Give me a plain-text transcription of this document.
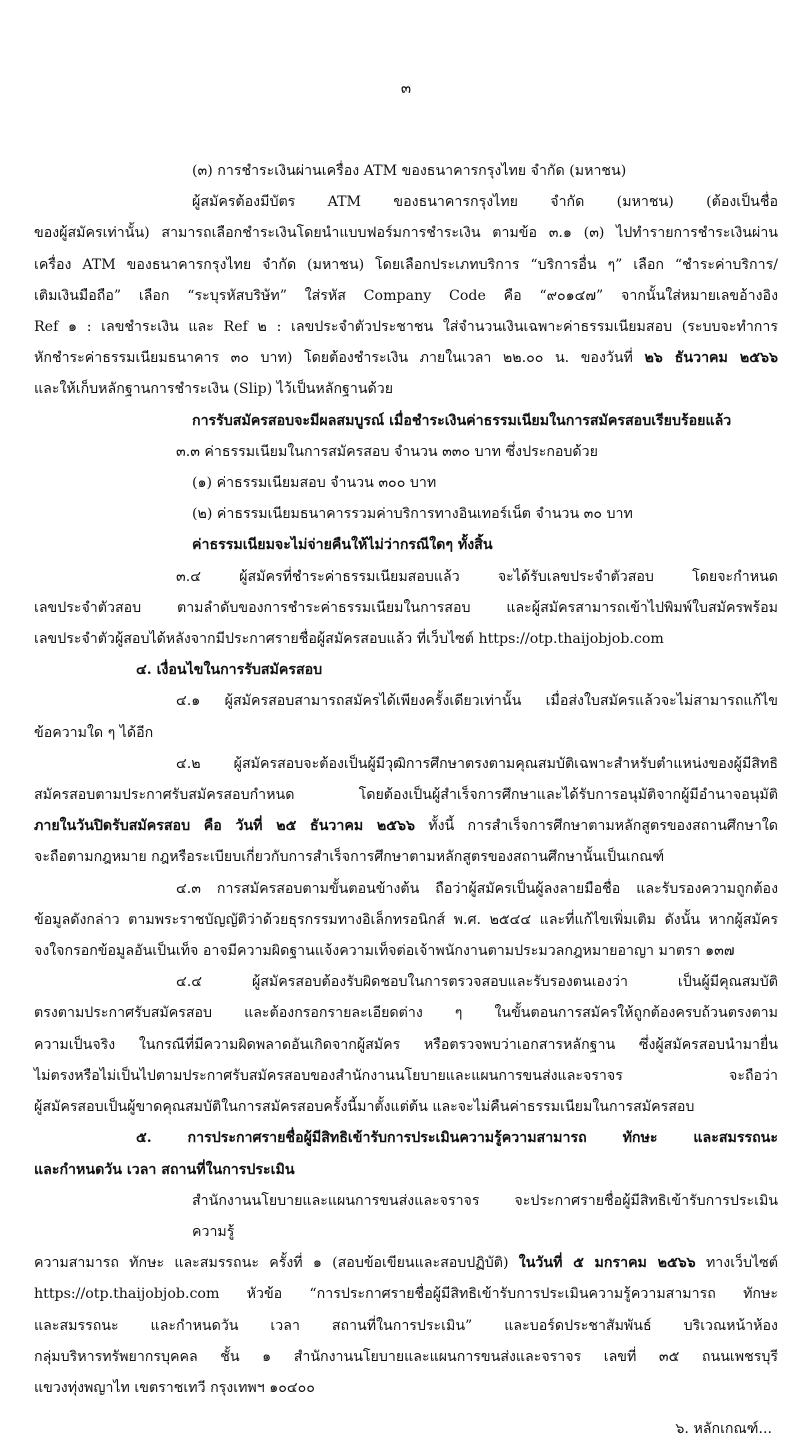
๓

(๓) การชำระเงินผ่านเครื่อง ATM ของธนาคารกรุงไทย จำกัด (มหาชน)

ผู้สมัครต้องมีบัตร ATM ของธนาคารกรุงไทย จำกัด (มหาชน) (ต้องเป็นชื่อ

ของผู้สมัครเท่านั้น) สามารถเลือกชำระเงินโดยนำแบบฟอร์มการชำระเงิน ตามข้อ ๓.๑ (๓) ไปทำรายการชำระเงินผ่าน

เครื่อง ATM ของธนาคารกรุงไทย จำกัด (มหาชน) โดยเลือกประเภทบริการ “บริการอื่น ๆ” เลือก “ชำระค่าบริการ/

เติมเงินมือถือ” เลือก “ระบุรหัสบริษัท” ใส่รหัส Company Code คือ “๙๐๑๔๗” จากนั้นใส่หมายเลขอ้างอิง

Ref ๑ : เลขชำระเงิน และ Ref ๒ : เลขประจำตัวประชาชน ใส่จำนวนเงินเฉพาะค่าธรรมเนียมสอบ (ระบบจะทำการ

หักชำระค่าธรรมเนียมธนาคาร ๓๐ บาท) โดยต้องชำระเงิน ภายในเวลา ๒๒.๐๐ น. ของวันที่ ๒๖ ธันวาคม ๒๕๖๖

และให้เก็บหลักฐานการชำระเงิน (Slip) ไว้เป็นหลักฐานด้วย

การรับสมัครสอบจะมีผลสมบูรณ์ เมื่อชำระเงินค่าธรรมเนียมในการสมัครสอบเรียบร้อยแล้ว

๓.๓ ค่าธรรมเนียมในการสมัครสอบ จำนวน ๓๓๐ บาท ซึ่งประกอบด้วย

(๑) ค่าธรรมเนียมสอบ จำนวน ๓๐๐ บาท

(๒) ค่าธรรมเนียมธนาคารรวมค่าบริการทางอินเทอร์เน็ต จำนวน ๓๐ บาท

ค่าธรรมเนียมจะไม่จ่ายคืนให้ไม่ว่ากรณีใดๆ ทั้งสิ้น

๓.๔ ผู้สมัครที่ชำระค่าธรรมเนียมสอบแล้ว จะได้รับเลขประจำตัวสอบ โดยจะกำหนด

เลขประจำตัวสอบ ตามลำดับของการชำระค่าธรรมเนียมในการสอบ และผู้สมัครสามารถเข้าไปพิมพ์ใบสมัครพร้อม

เลขประจำตัวผู้สอบได้หลังจากมีประกาศรายชื่อผู้สมัครสอบแล้ว ที่เว็บไซต์ https://otp.thaijobjob.com

๔. เงื่อนไขในการรับสมัครสอบ

๔.๑ ผู้สมัครสอบสามารถสมัครได้เพียงครั้งเดียวเท่านั้น เมื่อส่งใบสมัครแล้วจะไม่สามารถแก้ไข

ข้อความใด ๆ ได้อีก

๔.๒ ผู้สมัครสอบจะต้องเป็นผู้มีวุฒิการศึกษาตรงตามคุณสมบัติเฉพาะสำหรับตำแหน่งของผู้มีสิทธิ

สมัครสอบตามประกาศรับสมัครสอบกำหนด โดยต้องเป็นผู้สำเร็จการศึกษาและได้รับการอนุมัติจากผู้มีอำนาจอนุมัติ

ภายในวันปิดรับสมัครสอบ คือ วันที่ ๒๕ ธันวาคม ๒๕๖๖ ทั้งนี้ การสำเร็จการศึกษาตามหลักสูตรของสถานศึกษาใด

จะถือตามกฎหมาย กฎหรือระเบียบเกี่ยวกับการสำเร็จการศึกษาตามหลักสูตรของสถานศึกษานั้นเป็นเกณฑ์

๔.๓ การสมัครสอบตามขั้นตอนข้างต้น ถือว่าผู้สมัครเป็นผู้ลงลายมือชื่อ และรับรองความถูกต้อง

ข้อมูลดังกล่าว ตามพระราชบัญญัติว่าด้วยธุรกรรมทางอิเล็กทรอนิกส์ พ.ศ. ๒๕๔๔ และที่แก้ไขเพิ่มเติม ดังนั้น หากผู้สมัคร

จงใจกรอกข้อมูลอันเป็นเท็จ อาจมีความผิดฐานแจ้งความเท็จต่อเจ้าพนักงานตามประมวลกฎหมายอาญา มาตรา ๑๓๗

๔.๔ ผู้สมัครสอบต้องรับผิดชอบในการตรวจสอบและรับรองตนเองว่า เป็นผู้มีคุณสมบัติ

ตรงตามประกาศรับสมัครสอบ และต้องกรอกรายละเอียดต่าง ๆ ในขั้นตอนการสมัครให้ถูกต้องครบถ้วนตรงตาม

ความเป็นจริง ในกรณีที่มีความผิดพลาดอันเกิดจากผู้สมัคร หรือตรวจพบว่าเอกสารหลักฐาน ซึ่งผู้สมัครสอบนำมายื่น

ไม่ตรงหรือไม่เป็นไปตามประกาศรับสมัครสอบของสำนักงานนโยบายและแผนการขนส่งและจราจร จะถือว่า

ผู้สมัครสอบเป็นผู้ขาดคุณสมบัติในการสมัครสอบครั้งนี้มาตั้งแต่ต้น และจะไม่คืนค่าธรรมเนียมในการสมัครสอบ

๕. การประกาศรายชื่อผู้มีสิทธิเข้ารับการประเมินความรู้ความสามารถ ทักษะ และสมรรถนะ

และกำหนดวัน เวลา สถานที่ในการประเมิน

สำนักงานนโยบายและแผนการขนส่งและจราจร จะประกาศรายชื่อผู้มีสิทธิเข้ารับการประเมินความรู้

ความสามารถ ทักษะ และสมรรถนะ ครั้งที่ ๑ (สอบข้อเขียนและสอบปฏิบัติ) ในวันที่ ๕ มกราคม ๒๕๖๖ ทางเว็บไซต์

https://otp.thaijobjob.com หัวข้อ “การประกาศรายชื่อผู้มีสิทธิเข้ารับการประเมินความรู้ความสามารถ ทักษะ

และสมรรถนะ และกำหนดวัน เวลา สถานที่ในการประเมิน” และบอร์ดประชาสัมพันธ์ บริเวณหน้าห้อง

กลุ่มบริหารทรัพยากรบุคคล ชั้น ๑ สำนักงานนโยบายและแผนการขนส่งและจราจร เลขที่ ๓๕ ถนนเพชรบุรี

แขวงทุ่งพญาไท เขตราชเทวี กรุงเทพฯ ๑๐๔๐๐

๖. หลักเกณฑ์...
